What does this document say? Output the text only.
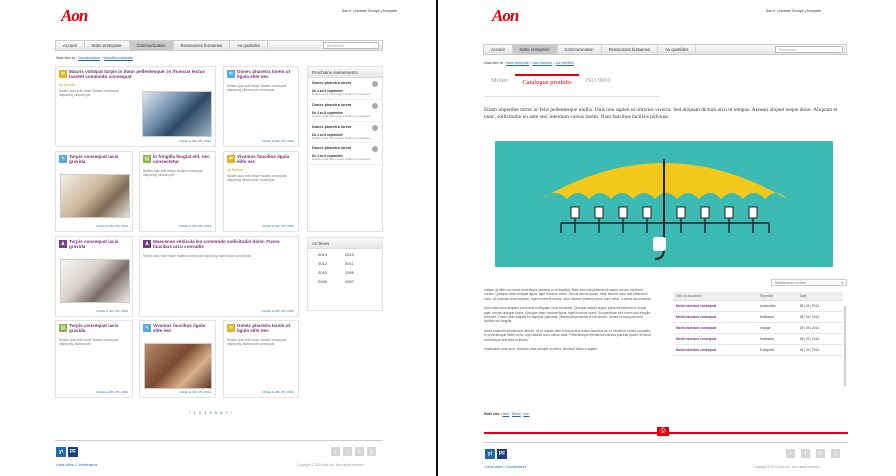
Aon	Aon.fr | Intranet Groupe | Annuaire
Accueil	Notre entreprise	Communication	Ressources humaines	Au quotidien	Recherche	⌕
Vous êtes ici : Communication > Actualités nationales
✉ Mauris volutpat turpis in dolor pellentesque, in rhoncus lectus laoreet commodo consequat
Ag Bulletin
Nullam quis velit neque Nullam consequat adipiscing ullamcorper
Publié le 08 | 05 | 2014
✉ Donec pharetra lorem ut ligula elite nec
Nullam quis velit neque Nullam consequat adipiscing ullamcorper consequat
Publié le 08 | 05 | 2014
✎ Turpis consequat iacis gravida
Publié le 08 | 05 | 2014
▤ In fringilla feugiat elit, nec consectetur
Nullam quis velit neque Nullam consequat adipiscing ullamcorper
Publié le 08 | 05 | 2014
✉ Vivamus faucibus ligula elite nec
Ag Bulletin
Nullam quis velit neque Nullam consequat adipiscing ullamcorper consequat
Publié le 08 | 05 | 2014
♟ Turpis consequat iacis gravida
Publié le 08 | 05 | 2014
♟ Maecenas vehicula leo commodo sollicitudin dolor. Fusce faucibus arcu convallis
Nullam quis velit neque Nullam consequat adipiscing ullamcorper consequat
Publié le 08 | 05 | 2014
▤ Turpis consequat iacis gravida
Nullam quis velit neque Nullam consequat adipiscing ullamcorper
Publié le 08 | 05 | 2014
✎ Vivamus faucibus ligula elite nec
Publié le 08 | 05 | 2014
✉ Donec pharetra lorem ut ligula elite nec
Nullam quis velit neque Nullam consequat adipiscing ullamcorper consequat
Publié le 08 | 05 | 2014
Prochains événements
Donec pharetra lorem
Du 4 au 8 septembre
Nullam quis velit neque Nullam consequat
Donec pharetra lorem
Du 4 au 8 septembre
Nullam quis velit neque Nullam consequat
Donec pharetra lorem
Du 4 au 8 septembre
Nullam quis velit neque Nullam consequat
Donec pharetra lorem
Du 4 au 8 septembre
Nullam quis velit neque Nullam consequat
Archives
2014	2013
2012	2011
2010	2009
2008	2007
‹ 1 2 3 4 5 6 7 ›
yi	PF	t	f	in	g
Liens utiles | Contributeurs	Copyright © 2014 Aon Inc. Tous droits réservés
Aon	Aon.fr | Intranet Groupe | Annuaire
Accueil	Notre entreprise	Communication	Ressources humaines	Au quotidien	Recherche	⌕
Vous êtes ici : Notre entreprise > Nos branches > Aon Benfield
Métier	Catalogue produits	ISO 9001
Etiam imperdiet tortor ac felis pellentesque mollis. Duis non sapien ut ultricies viverra. Sed aliquam dictum arcu ut tempus. Aenean aliquet neque dolor. Aliquam et nunc, sollicitudin eu ante sed, interdum cursus lorem. Nam faucibus facilisis pulvinar.

Integer at nibh non lacus scelerisque pulvinar et at dapibus. Nam sed erat pulvinar et mauris ornare hendrerit cursus. Quisque vitae volutpat ligula, eget rhoncus lorem. Sed at lacinia ipsum, vitae laoreet nunc sed bibendum nunc. Ut pulvinar viverra ipsum, eget hendrerit metus. Nunc laoreet pretium purus nunc velut, a varius arcu ultrices.

Duis vitae nunc aliquam porta erat et aliquam nunc hendrerit. Quisque aliquet augue porta elementum et neque eget, ornare quisque turpis. Quisque vitae volutpat ligula, eget rhoncus lorem. Suspendisse sed lorem sed fringilla tincidunt. Fusce vitae sagittis eu dapibus vulputate. Maecenas pharetra ut elit dictum, ornare consequat nulla facilisis dui fringilla.

Morbi euismod elementum ultrices. Ut ut mauris nibh rhoncus felis lectus faucibus ac. In hendrerit ornare convallis. In pellentesque libero nunc, eget lacinia nunc varius vitae. Pellentesque elementum lacinia pulvinar quam, sit amet scelerisque erat felis ut ipsum.

Vestibulum ante arcu, vehicula vitae semper sit amet, tincidunt tellus a sapien.

Mots clés : Marl · Bfinal · Aon
Sélectionner un filtre	▾
Titre du document	Expertise	Date
Morbi interdum consequat	Automobile	08 | 04 | 2014
Morbi interdum consequat	Habitation	08 | 04 | 2014
Morbi interdum consequat	Voyage	08 | 04 | 2014
Morbi interdum consequat	Habitation	08 | 04 | 2014
Morbi interdum consequat	Entreprise	08 | 04 | 2014
⎙
yi	PF	t	f	in	g
Liens utiles | Contributeurs	Copyright © 2014 Aon Inc. Tous droits réservés
